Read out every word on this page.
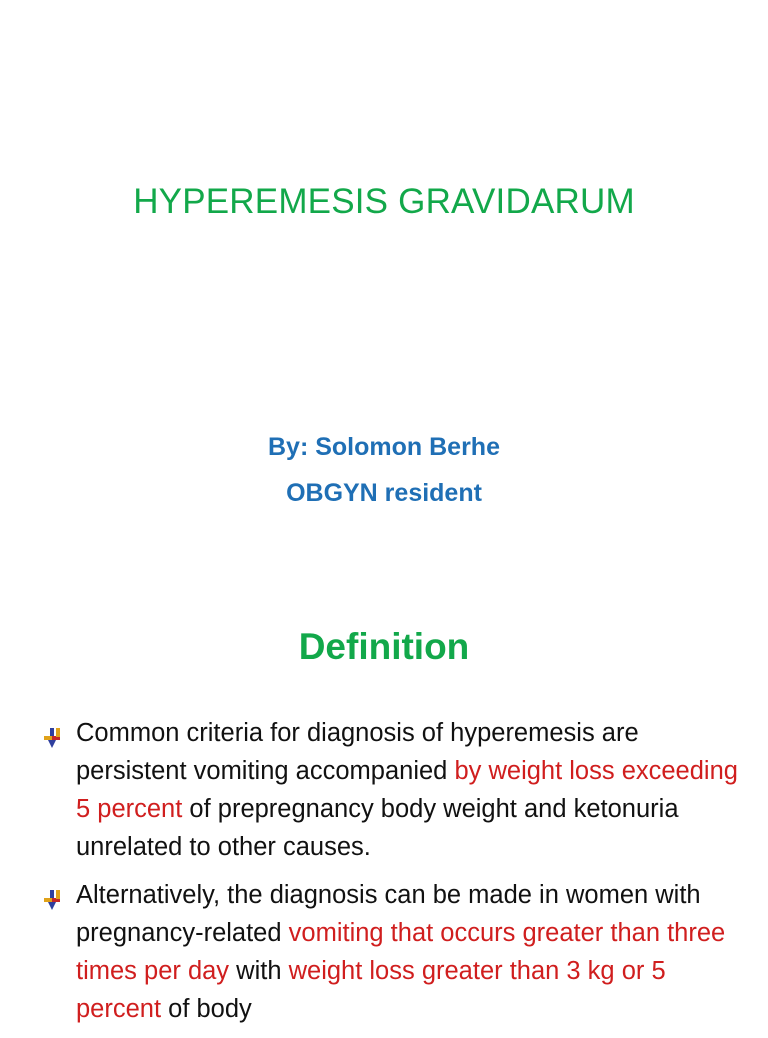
HYPEREMESIS GRAVIDARUM
By: Solomon Berhe
OBGYN resident
Definition
Common criteria for diagnosis of hyperemesis are persistent vomiting accompanied by weight loss exceeding 5 percent of prepregnancy body weight and ketonuria unrelated to other causes.
Alternatively, the diagnosis can be made in women with pregnancy-related vomiting that occurs greater than three times per day with weight loss greater than 3 kg or 5 percent of body
